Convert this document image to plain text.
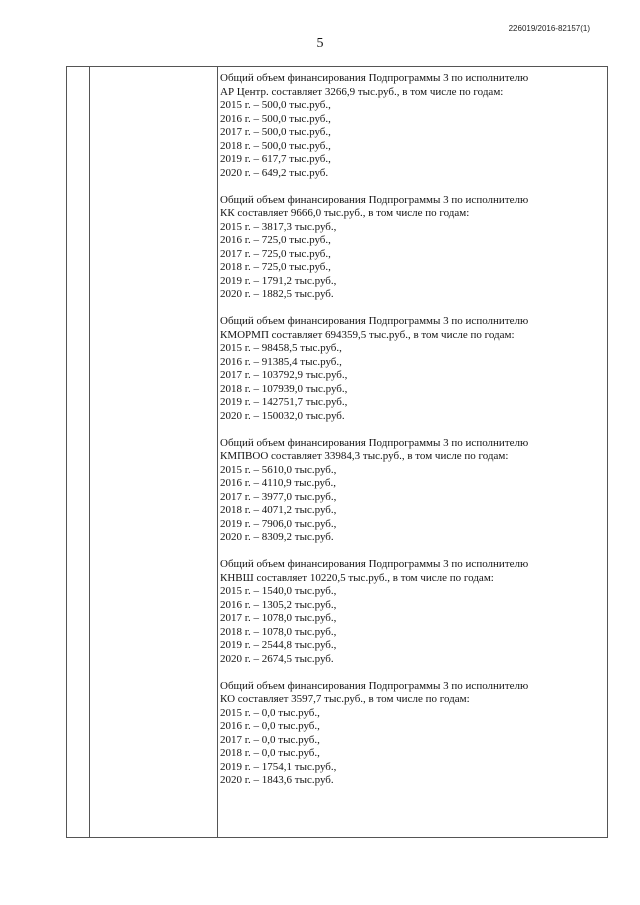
226019/2016-82157(1)
5
Общий объем финансирования Подпрограммы 3 по исполнителю
АР Центр. составляет 3266,9 тыс.руб., в том числе по годам:
2015 г. – 500,0 тыс.руб.,
2016 г. – 500,0 тыс.руб.,
2017 г. – 500,0 тыс.руб.,
2018 г. – 500,0 тыс.руб.,
2019 г. – 617,7 тыс.руб.,
2020 г. – 649,2 тыс.руб.
Общий объем финансирования Подпрограммы 3 по исполнителю
КК составляет 9666,0 тыс.руб., в том числе по годам:
2015 г. – 3817,3 тыс.руб.,
2016 г. – 725,0 тыс.руб.,
2017 г. – 725,0 тыс.руб.,
2018 г. – 725,0 тыс.руб.,
2019 г. – 1791,2 тыс.руб.,
2020 г. – 1882,5 тыс.руб.
Общий объем финансирования Подпрограммы 3 по исполнителю
КМОРМП составляет 694359,5 тыс.руб., в том числе по годам:
2015 г. – 98458,5 тыс.руб.,
2016 г. – 91385,4 тыс.руб.,
2017 г. – 103792,9 тыс.руб.,
2018 г. – 107939,0 тыс.руб.,
2019 г. – 142751,7 тыс.руб.,
2020 г. – 150032,0 тыс.руб.
Общий объем финансирования Подпрограммы 3 по исполнителю
КМПВОО составляет 33984,3 тыс.руб., в том числе по годам:
2015 г. – 5610,0 тыс.руб.,
2016 г. – 4110,9 тыс.руб.,
2017 г. – 3977,0 тыс.руб.,
2018 г. – 4071,2 тыс.руб.,
2019 г. – 7906,0 тыс.руб.,
2020 г. – 8309,2 тыс.руб.
Общий объем финансирования Подпрограммы 3 по исполнителю
КНВШ составляет 10220,5 тыс.руб., в том числе по годам:
2015 г. – 1540,0 тыс.руб.,
2016 г. – 1305,2 тыс.руб.,
2017 г. – 1078,0 тыс.руб.,
2018 г. – 1078,0 тыс.руб.,
2019 г. – 2544,8 тыс.руб.,
2020 г. – 2674,5 тыс.руб.
Общий объем финансирования Подпрограммы 3 по исполнителю
КО составляет 3597,7 тыс.руб., в том числе по годам:
2015 г. – 0,0 тыс.руб.,
2016 г. – 0,0 тыс.руб.,
2017 г. – 0,0 тыс.руб.,
2018 г. – 0,0 тыс.руб.,
2019 г. – 1754,1 тыс.руб.,
2020 г. – 1843,6 тыс.руб.
